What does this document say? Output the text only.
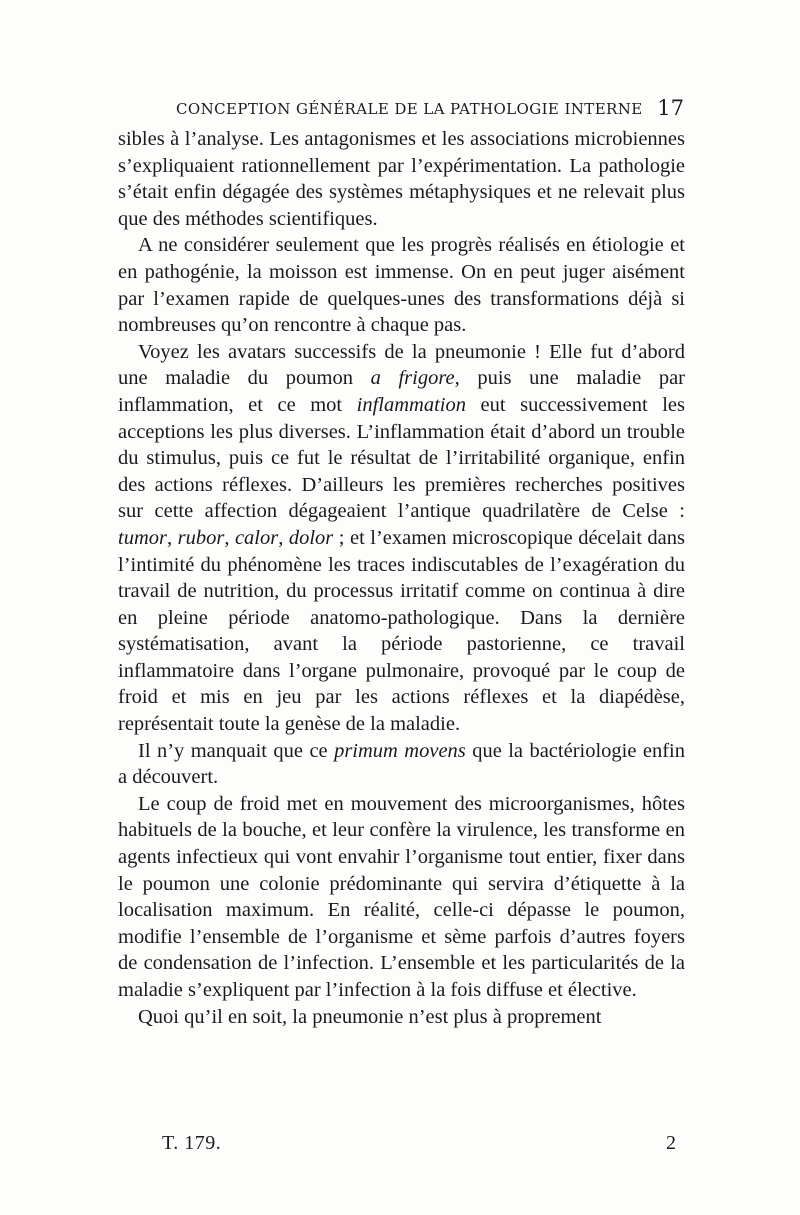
CONCEPTION GÉNÉRALE DE LA PATHOLOGIE INTERNE 17

sibles à l’analyse. Les antagonismes et les associations microbiennes s’expliquaient rationnellement par l’expérimentation. La pathologie s’était enfin dégagée des systèmes métaphysiques et ne relevait plus que des méthodes scientifiques.

A ne considérer seulement que les progrès réalisés en étiologie et en pathogénie, la moisson est immense. On en peut juger aisément par l’examen rapide de quelques-unes des transformations déjà si nombreuses qu’on rencontre à chaque pas.

Voyez les avatars successifs de la pneumonie ! Elle fut d’abord une maladie du poumon a frigore, puis une maladie par inflammation, et ce mot inflammation eut successivement les acceptions les plus diverses. L’inflammation était d’abord un trouble du stimulus, puis ce fut le résultat de l’irritabilité organique, enfin des actions réflexes. D’ailleurs les premières recherches positives sur cette affection dégageaient l’antique quadrilatère de Celse : tumor, rubor, calor, dolor ; et l’examen microscopique décelait dans l’intimité du phénomène les traces indiscutables de l’exagération du travail de nutrition, du processus irritatif comme on continua à dire en pleine période anatomo-pathologique. Dans la dernière systématisation, avant la période pastorienne, ce travail inflammatoire dans l’organe pulmonaire, provoqué par le coup de froid et mis en jeu par les actions réflexes et la diapédèse, représentait toute la genèse de la maladie.

Il n’y manquait que ce primum movens que la bactériologie enfin a découvert.

Le coup de froid met en mouvement des microorganismes, hôtes habituels de la bouche, et leur confère la virulence, les transforme en agents infectieux qui vont envahir l’organisme tout entier, fixer dans le poumon une colonie prédominante qui servira d’étiquette à la localisation maximum. En réalité, celle-ci dépasse le poumon, modifie l’ensemble de l’organisme et sème parfois d’autres foyers de condensation de l’infection. L’ensemble et les particularités de la maladie s’expliquent par l’infection à la fois diffuse et élective.

Quoi qu’il en soit, la pneumonie n’est plus à proprement

T. 179.	2
